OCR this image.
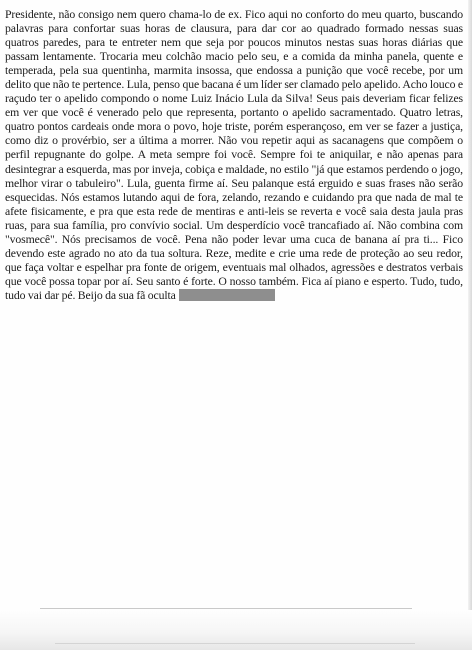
Presidente, não consigo nem quero chama-lo de ex. Fico aqui no conforto do meu quarto, buscando palavras para confortar suas horas de clausura, para dar cor ao quadrado formado nessas suas quatros paredes, para te entreter nem que seja por poucos minutos nestas suas horas diárias que passam lentamente. Trocaria meu colchão macio pelo seu, e a comida da minha panela, quente e temperada, pela sua quentinha, marmita insossa, que endossa a punição que você recebe, por um delito que não te pertence. Lula, penso que bacana é um líder ser clamado pelo apelido. Acho louco e raçudo ter o apelido compondo o nome Luiz Inácio Lula da Silva! Seus pais deveriam ficar felizes em ver que você é venerado pelo que representa, portanto o apelido sacramentado. Quatro letras, quatro pontos cardeais onde mora o povo, hoje triste, porém esperançoso, em ver se fazer a justiça, como diz o provérbio, ser a última a morrer. Não vou repetir aqui as sacanagens que compõem o perfil repugnante do golpe. A meta sempre foi você. Sempre foi te aniquilar, e não apenas para desintegrar a esquerda, mas por inveja, cobiça e maldade, no estilo "já que estamos perdendo o jogo, melhor virar o tabuleiro". Lula, guenta firme aí. Seu palanque está erguido e suas frases não serão esquecidas. Nós estamos lutando aqui de fora, zelando, rezando e cuidando pra que nada de mal te afete fisicamente, e pra que esta rede de mentiras e anti-leis se reverta e você saia desta jaula pras ruas, para sua família, pro convívio social. Um desperdício você trancafiado aí. Não combina com "vosmecê". Nós precisamos de você. Pena não poder levar uma cuca de banana aí pra ti... Fico devendo este agrado no ato da tua soltura. Reze, medite e crie uma rede de proteção ao seu redor, que faça voltar e espelhar pra fonte de origem, eventuais mal olhados, agressões e destratos verbais que você possa topar por aí. Seu santo é forte. O nosso também. Fica aí piano e esperto. Tudo, tudo, tudo vai dar pé. Beijo da sua fã oculta
